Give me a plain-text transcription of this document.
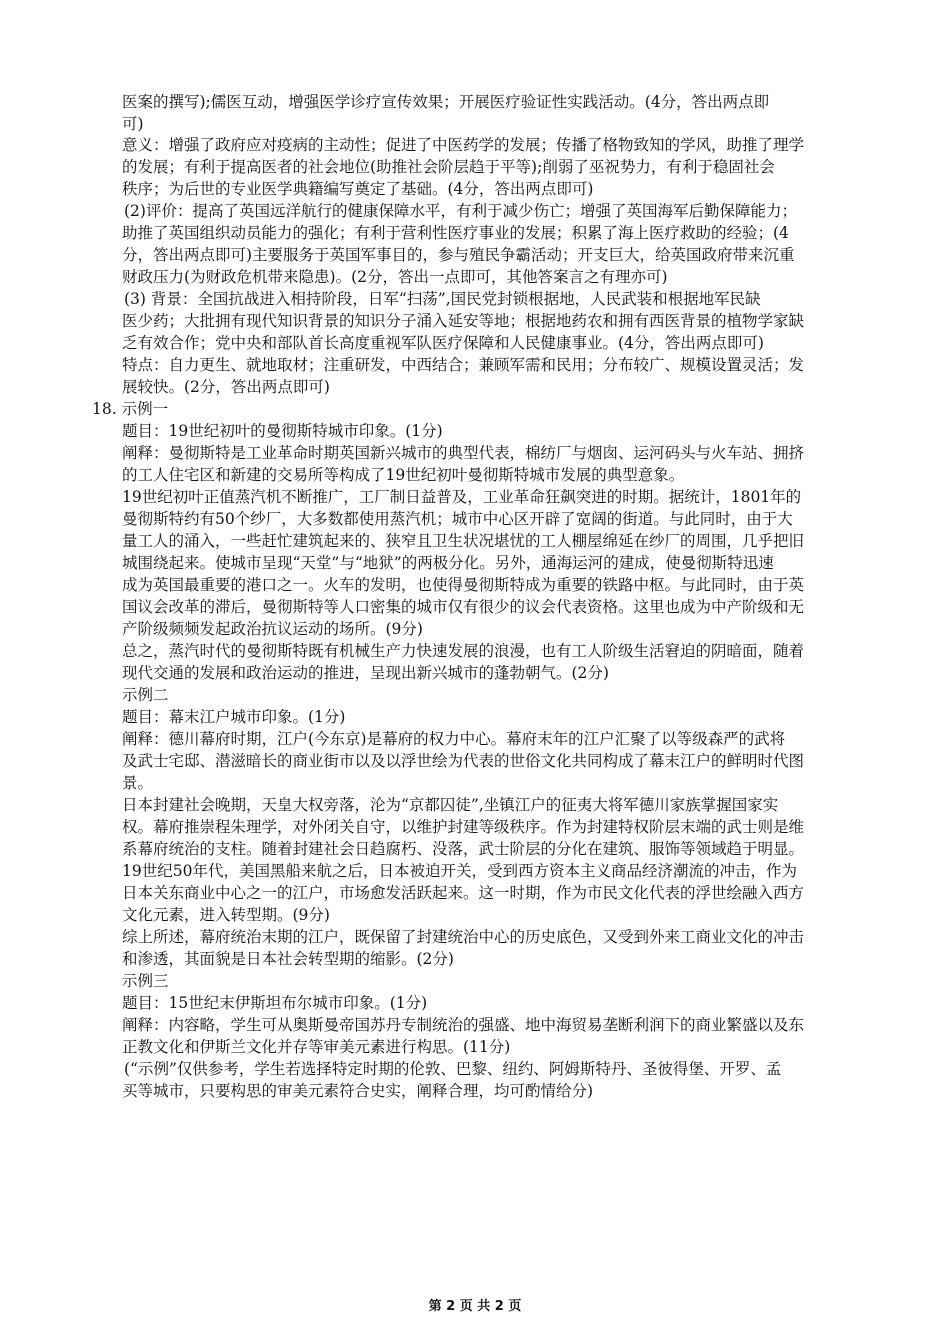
医案的撰写);儒医互动，增强医学诊疗宣传效果；开展医疗验证性实践活动。(4分，答出两点即
可)
意义：增强了政府应对疫病的主动性；促进了中医药学的发展；传播了格物致知的学风，助推了理学
的发展；有利于提高医者的社会地位(助推社会阶层趋于平等);削弱了巫祝势力，有利于稳固社会
秩序；为后世的专业医学典籍编写奠定了基础。(4分，答出两点即可)
(2)评价：提高了英国远洋航行的健康保障水平，有利于减少伤亡；增强了英国海军后勤保障能力；
助推了英国组织动员能力的强化；有利于营利性医疗事业的发展；积累了海上医疗救助的经验；(4
分，答出两点即可)主要服务于英国军事目的，参与殖民争霸活动；开支巨大，给英国政府带来沉重
财政压力(为财政危机带来隐患)。(2分，答出一点即可，其他答案言之有理亦可)
(3) 背景：全国抗战进入相持阶段，日军“扫荡”,国民党封锁根据地，人民武装和根据地军民缺
医少药；大批拥有现代知识背景的知识分子涌入延安等地；根据地药农和拥有西医背景的植物学家缺
乏有效合作；党中央和部队首长高度重视军队医疗保障和人民健康事业。(4分，答出两点即可)
特点：自力更生、就地取材；注重研发，中西结合；兼顾军需和民用；分布较广、规模设置灵活；发
展较快。(2分，答出两点即可)
18. 示例一
题目：19世纪初叶的曼彻斯特城市印象。(1分)
阐释：曼彻斯特是工业革命时期英国新兴城市的典型代表，棉纺厂与烟囱、运河码头与火车站、拥挤
的工人住宅区和新建的交易所等构成了19世纪初叶曼彻斯特城市发展的典型意象。
19世纪初叶正值蒸汽机不断推广，工厂制日益普及，工业革命狂飙突进的时期。据统计，1801年的
曼彻斯特约有50个纱厂，大多数都使用蒸汽机；城市中心区开辟了宽阔的街道。与此同时，由于大
量工人的涌入，一些赶忙建筑起来的、狭窄且卫生状况堪忧的工人棚屋绵延在纱厂的周围，几乎把旧
城围绕起来。使城市呈现“天堂”与“地狱”的两极分化。另外，通海运河的建成，使曼彻斯特迅速
成为英国最重要的港口之一。火车的发明，也使得曼彻斯特成为重要的铁路中枢。与此同时，由于英
国议会改革的滞后，曼彻斯特等人口密集的城市仅有很少的议会代表资格。这里也成为中产阶级和无
产阶级频频发起政治抗议运动的场所。(9分)
总之，蒸汽时代的曼彻斯特既有机械生产力快速发展的浪漫，也有工人阶级生活窘迫的阴暗面，随着
现代交通的发展和政治运动的推进，呈现出新兴城市的蓬勃朝气。(2分)
示例二
题目：幕末江户城市印象。(1分)
阐释：德川幕府时期，江户(今东京)是幕府的权力中心。幕府末年的江户汇聚了以等级森严的武将
及武士宅邸、潜滋暗长的商业街市以及以浮世绘为代表的世俗文化共同构成了幕末江户的鲜明时代图
景。
日本封建社会晚期，天皇大权旁落，沦为“京都囚徒”,坐镇江户的征夷大将军德川家族掌握国家实
权。幕府推崇程朱理学，对外闭关自守，以维护封建等级秩序。作为封建特权阶层末端的武士则是维
系幕府统治的支柱。随着封建社会日趋腐朽、没落，武士阶层的分化在建筑、服饰等领域趋于明显。
19世纪50年代，美国黑船来航之后，日本被迫开关，受到西方资本主义商品经济潮流的冲击，作为
日本关东商业中心之一的江户，市场愈发活跃起来。这一时期，作为市民文化代表的浮世绘融入西方
文化元素，进入转型期。(9分)
综上所述，幕府统治末期的江户，既保留了封建统治中心的历史底色，又受到外来工商业文化的冲击
和渗透，其面貌是日本社会转型期的缩影。(2分)
示例三
题目：15世纪末伊斯坦布尔城市印象。(1分)
阐释：内容略，学生可从奥斯曼帝国苏丹专制统治的强盛、地中海贸易垄断利润下的商业繁盛以及东
正教文化和伊斯兰文化并存等审美元素进行构思。(11分)
(“示例”仅供参考，学生若选择特定时期的伦敦、巴黎、纽约、阿姆斯特丹、圣彼得堡、开罗、孟
买等城市，只要构思的审美元素符合史实，阐释合理，均可酌情给分)
第 2 页 共 2 页
